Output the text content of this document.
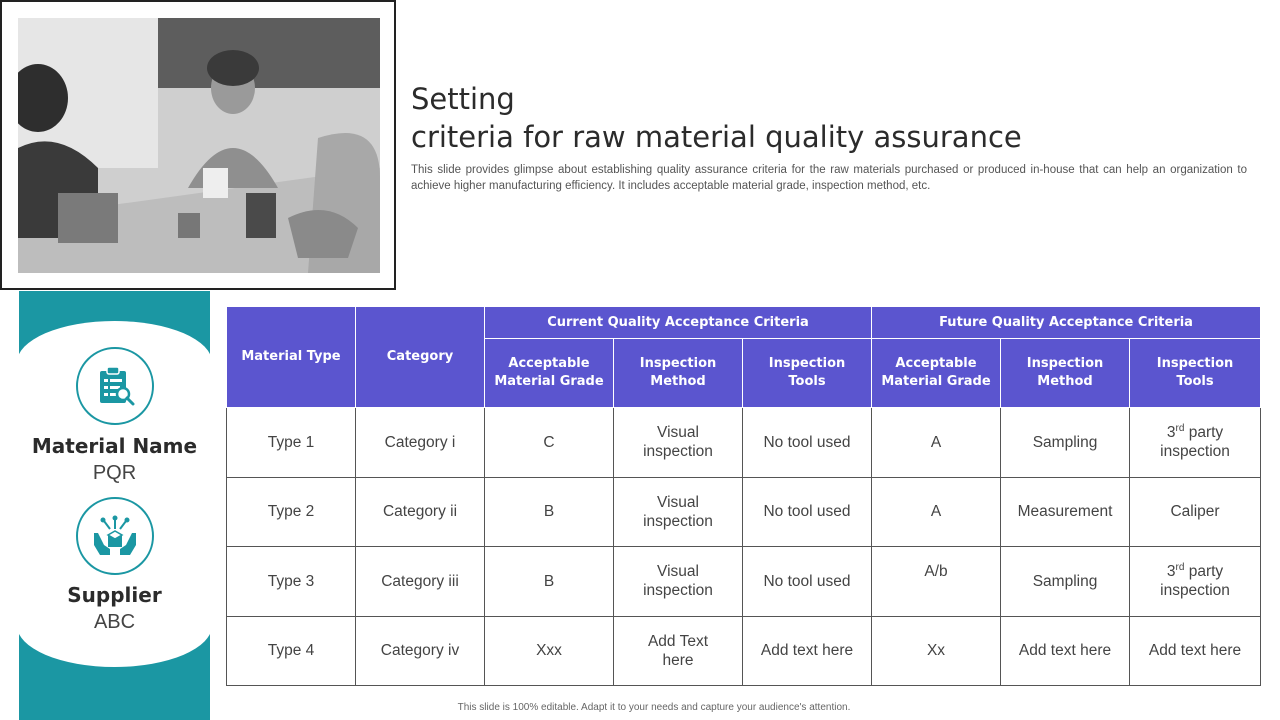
Setting
criteria for raw material quality assurance
This slide provides glimpse about establishing quality assurance criteria for the raw materials purchased or produced in-house that can help an organization to achieve higher manufacturing efficiency. It includes acceptable material grade, inspection method, etc.
Material Name
PQR
Supplier
ABC
Material Type	Category	Current Quality Acceptance Criteria			Future Quality Acceptance Criteria		
		Acceptable Material Grade	Inspection Method	Inspection Tools	Acceptable Material Grade	Inspection Method	Inspection Tools
Type 1	Category i	C	Visual inspection	No tool used	A	Sampling	3rd party inspection
Type 2	Category ii	B	Visual inspection	No tool used	A	Measurement	Caliper
Type 3	Category iii	B	Visual inspection	No tool used	A/b	Sampling	3rd party inspection
Type 4	Category iv	Xxx	Add Text here	Add text here	Xx	Add text here	Add text here
This slide is 100% editable. Adapt it to your needs and capture your audience's attention.
